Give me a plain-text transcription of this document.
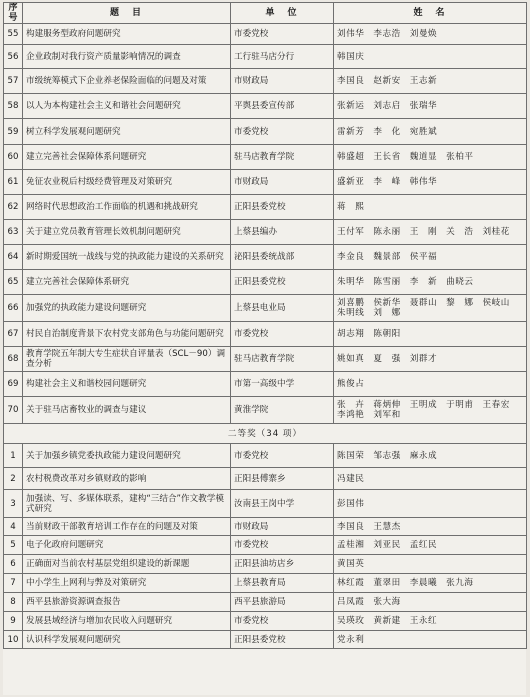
序号	题　目	单　位	姓　名
55	构建服务型政府问题研究	市委党校	刘伟华　李志浩　刘曼焕
56	企业政制对我行资产质量影响情况的调查	工行驻马店分行	韩国庆
57	市级统筹模式下企业养老保险面临的问题及对策	市财政局	李国良　赵新安　王志新
58	以人为本构建社会主义和谐社会问题研究	平舆县委宣传部	张新运　刘志启　张瑞华
59	树立科学发展观问题研究	市委党校	雷新芳　李　化　宛胜斌
60	建立完善社会保障体系问题研究	驻马店教育学院	韩盛超　王长省　魏道显　张柏平
61	免征农业税后村级经费管理及对策研究	市财政局	盛新亚　李　峰　韩伟华
62	网络时代思想政治工作面临的机遇和挑战研究	正阳县委党校	蒋　熙
63	关于建立党员教育管理长效机制问题研究	上蔡县编办	王付军　陈永丽　王　刚　关　浩　刘桂花
64	新时期爱国统一战线与党的执政能力建设的关系研究	泌阳县委统战部	李金良　魏景部　侯平福
65	建立完善社会保障体系研究	正阳县委党校	朱明华　陈雪丽　李　新　曲晓云
66	加强党的执政能力建设问题研究	上蔡县电业局	刘喜鹏　侯新华　聂群山　黎　娜　侯岐山　朱明线　刘　娜
67	村民自治制度背景下农村党支部角色与功能问题研究	市委党校	胡志翔　陈朝阳
68	教育学院五年制大专生症状自评量表（SCL－90）调查分析	驻马店教育学院	姚如真　夏　强　刘群才
69	构建社会主义和谐校园问题研究	市第一高级中学	熊俊占
70	关于驻马店畜牧业的调查与建议	黄淮学院	张　卉　蒋炳伸　王明成　于明甫　王春宏　李鸿艳　刘军和
二等奖（34 项）			
1	关于加强乡镇党委执政能力建设问题研究	市委党校	陈国荣　邹志强　麻永成
2	农村税费改革对乡镇财政的影响	正阳县傅寨乡	冯建民
3	加强读、写、多媒体联系，建构“三结合”作文教学模式研究	汝南县王岗中学	彭国伟
4	当前财政干部教育培训工作存在的问题及对策	市财政局	李国良　王慧杰
5	电子化政府问题研究	市委党校	孟桂湘　刘亚民　孟红民
6	正确面对当前农村基层党组织建设的新课题	正阳县油坊店乡	黄国英
7	中小学生上网利与弊及对策研究	上蔡县教育局	林红霞　董翠田　李晨曦　张九海
8	西平县旅游资源调查报告	西平县旅游局	吕凤霞　张大海
9	发展县域经济与增加农民收入问题研究	市委党校	吴瑛玫　黄新建　王永红
10	认识科学发展观问题研究	正阳县委党校	党永利
